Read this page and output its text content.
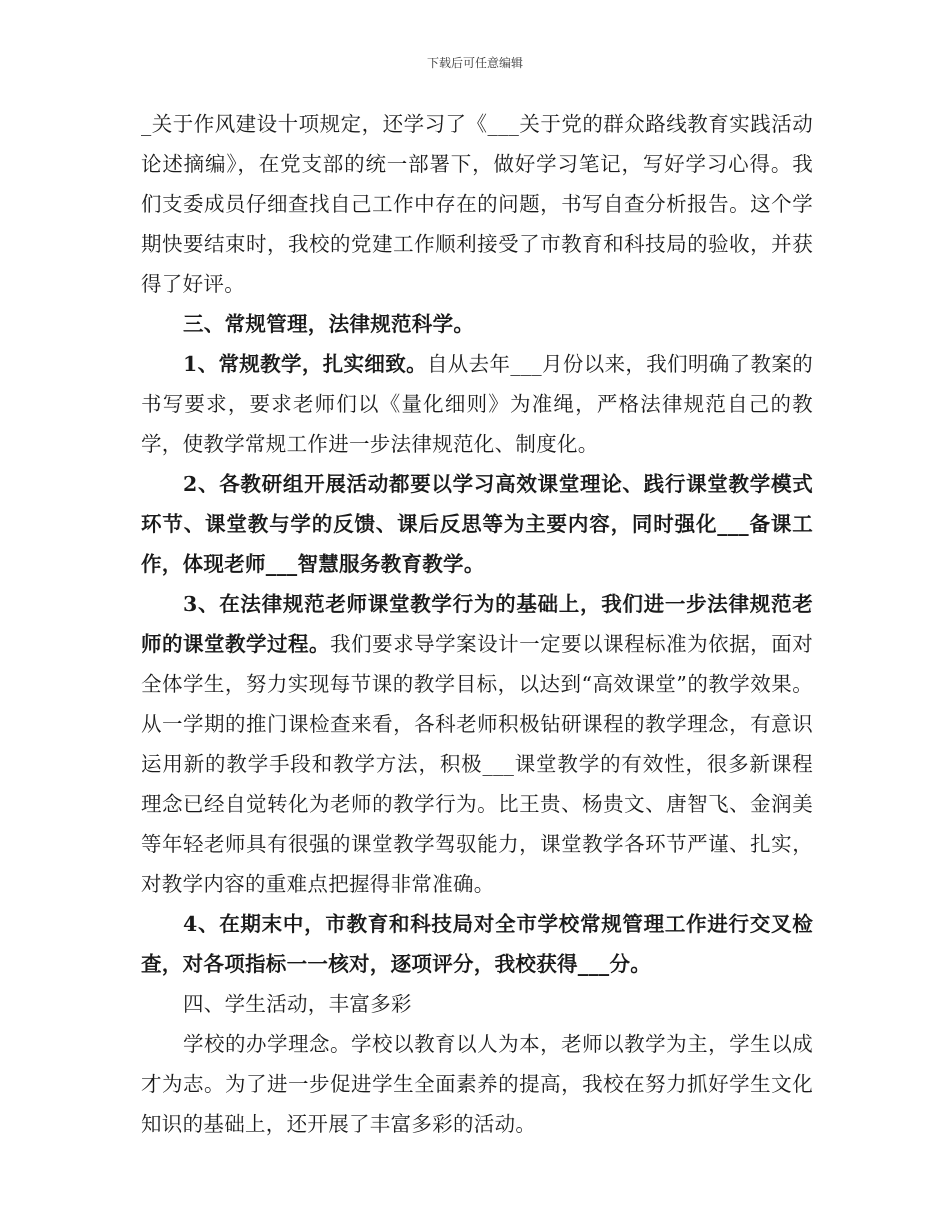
下载后可任意编辑

_关于作风建设十项规定，还学习了《___关于党的群众路线教育实践活动论述摘编》，在党支部的统一部署下，做好学习笔记，写好学习心得。我们支委成员仔细查找自己工作中存在的问题，书写自查分析报告。这个学期快要结束时，我校的党建工作顺利接受了市教育和科技局的验收，并获得了好评。

三、常规管理，法律规范科学。

1、常规教学，扎实细致。自从去年___月份以来，我们明确了教案的书写要求，要求老师们以《量化细则》为准绳，严格法律规范自己的教学，使教学常规工作进一步法律规范化、制度化。

2、各教研组开展活动都要以学习高效课堂理论、践行课堂教学模式环节、课堂教与学的反馈、课后反思等为主要内容，同时强化___备课工作，体现老师___智慧服务教育教学。

3、在法律规范老师课堂教学行为的基础上，我们进一步法律规范老师的课堂教学过程。我们要求导学案设计一定要以课程标准为依据，面对全体学生，努力实现每节课的教学目标，以达到“高效课堂”的教学效果。从一学期的推门课检查来看，各科老师积极钻研课程的教学理念，有意识运用新的教学手段和教学方法，积极___课堂教学的有效性，很多新课程理念已经自觉转化为老师的教学行为。比王贵、杨贵文、唐智飞、金润美等年轻老师具有很强的课堂教学驾驭能力，课堂教学各环节严谨、扎实，对教学内容的重难点把握得非常准确。

4、在期末中，市教育和科技局对全市学校常规管理工作进行交叉检查，对各项指标一一核对，逐项评分，我校获得___分。

四、学生活动，丰富多彩

学校的办学理念。学校以教育以人为本，老师以教学为主，学生以成才为志。为了进一步促进学生全面素养的提高，我校在努力抓好学生文化知识的基础上，还开展了丰富多彩的活动。
